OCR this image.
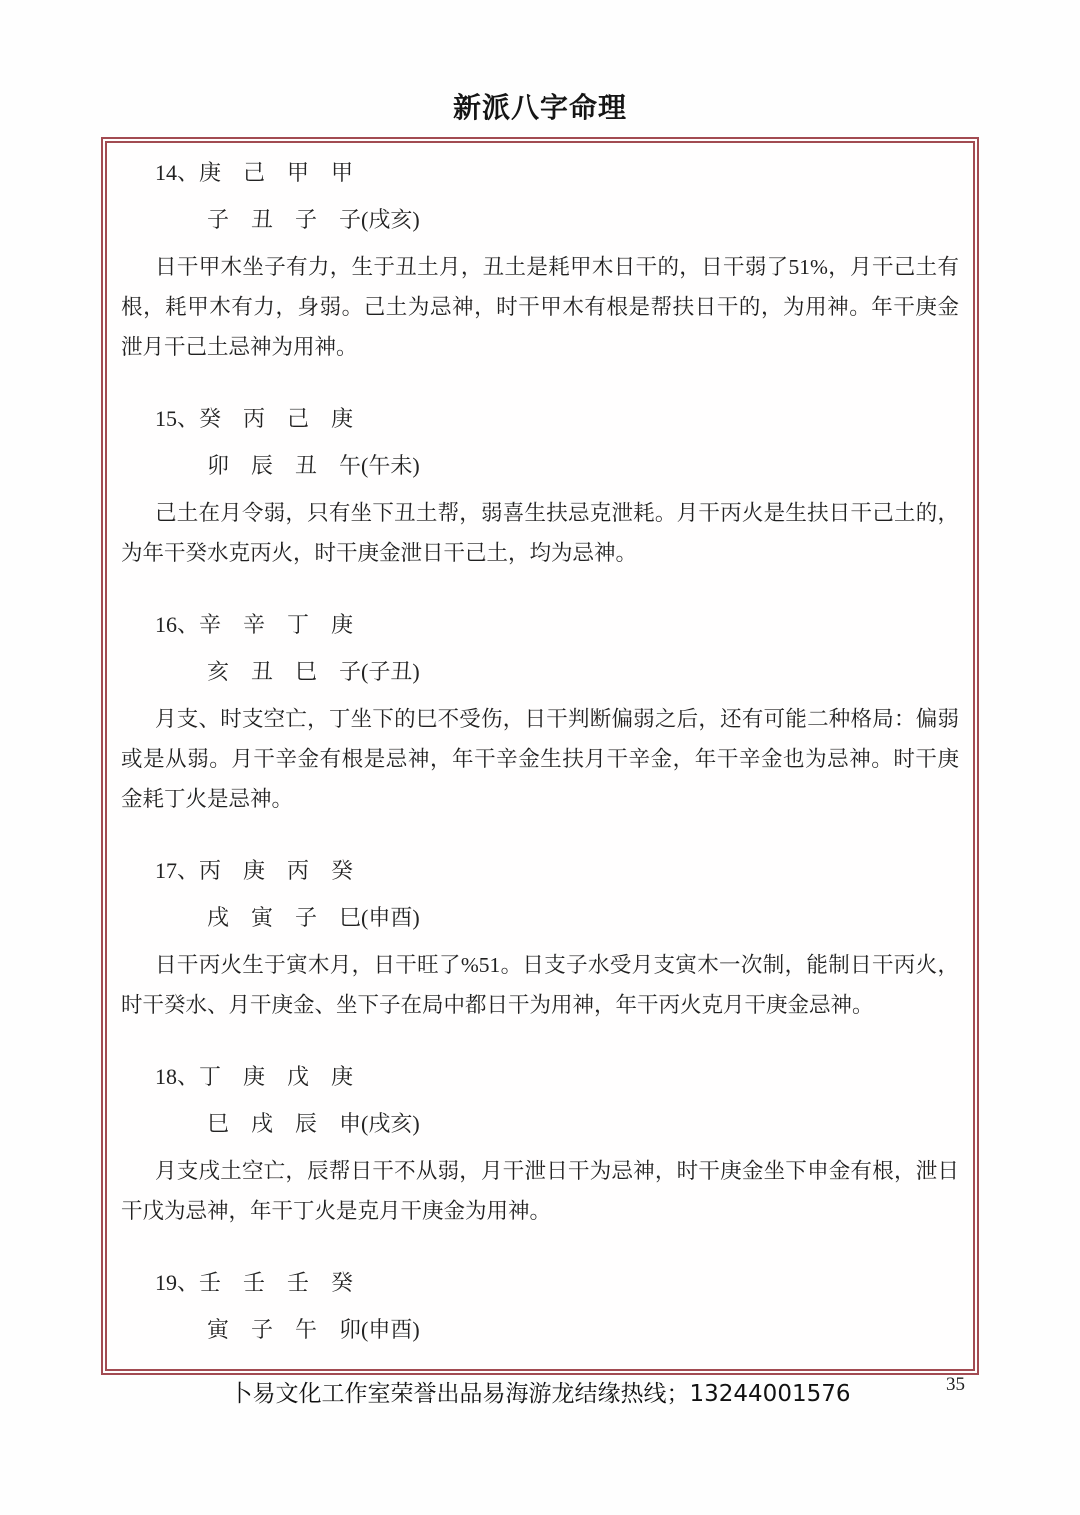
新派八字命理
14、庚　己　甲　甲
子　丑　子　子(戌亥)

日干甲木坐子有力，生于丑土月，丑土是耗甲木日干的，日干弱了51%，月干己土有根，耗甲木有力，身弱。己土为忌神，时干甲木有根是帮扶日干的，为用神。年干庚金泄月干己土忌神为用神。

15、癸　丙　己　庚
卯　辰　丑　午(午未)

己土在月令弱，只有坐下丑土帮，弱喜生扶忌克泄耗。月干丙火是生扶日干己土的，为年干癸水克丙火，时干庚金泄日干己土，均为忌神。

16、辛　辛　丁　庚
亥　丑　巳　子(子丑)

月支、时支空亡，丁坐下的巳不受伤，日干判断偏弱之后，还有可能二种格局：偏弱或是从弱。月干辛金有根是忌神，年干辛金生扶月干辛金，年干辛金也为忌神。时干庚金耗丁火是忌神。

17、丙　庚　丙　癸
戌　寅　子　巳(申酉)

日干丙火生于寅木月，日干旺了%51。日支子水受月支寅木一次制，能制日干丙火，时干癸水、月干庚金、坐下子在局中都日干为用神，年干丙火克月干庚金忌神。

18、丁　庚　戊　庚
巳　戌　辰　申(戌亥)

月支戌土空亡，辰帮日干不从弱，月干泄日干为忌神，时干庚金坐下申金有根，泄日干戊为忌神，年干丁火是克月干庚金为用神。

19、壬　壬　壬　癸
寅　子　午　卯(申酉)
卜易文化工作室荣誉出品易海游龙结缘热线；13244001576	35
